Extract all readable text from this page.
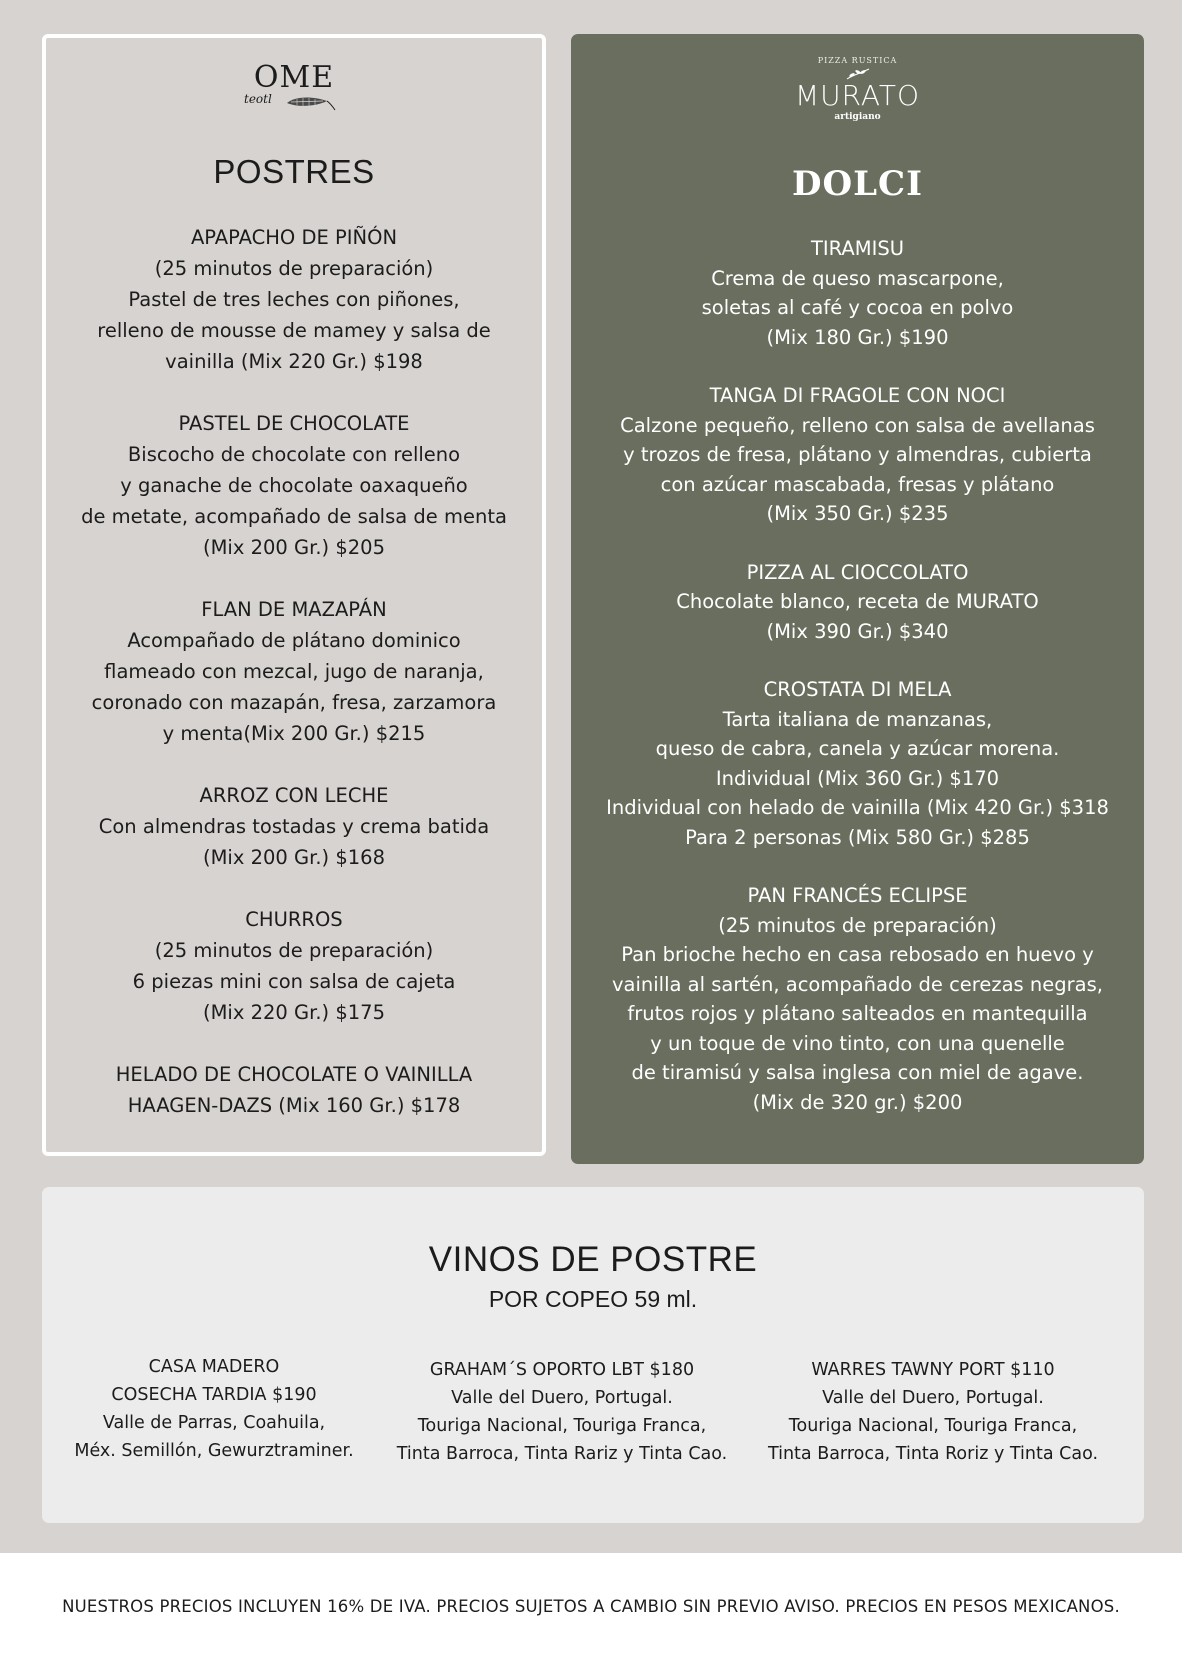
OME
teotl
POSTRES
APAPACHO DE PIÑÓN
(25 minutos de preparación)
Pastel de tres leches con piñones,
relleno de mousse de mamey y salsa de
vainilla (Mix 220 Gr.) $198
PASTEL DE CHOCOLATE
Biscocho de chocolate con relleno
y ganache de chocolate oaxaqueño
de metate, acompañado de salsa de menta
(Mix 200 Gr.) $205
FLAN DE MAZAPÁN
Acompañado de plátano dominico
flameado con mezcal, jugo de naranja,
coronado con mazapán, fresa, zarzamora
y menta(Mix 200 Gr.) $215
ARROZ CON LECHE
Con almendras tostadas y crema batida
(Mix 200 Gr.) $168
CHURROS
(25 minutos de preparación)
6 piezas mini con salsa de cajeta
(Mix 220 Gr.) $175
HELADO DE CHOCOLATE O VAINILLA
HAAGEN-DAZS (Mix 160 Gr.) $178
PIZZA RUSTICA
MURATO
artigiano
DOLCI
TIRAMISU
Crema de queso mascarpone,
soletas al café y cocoa en polvo
(Mix 180 Gr.) $190
TANGA DI FRAGOLE CON NOCI
Calzone pequeño, relleno con salsa de avellanas
y trozos de fresa, plátano y almendras, cubierta
con azúcar mascabada, fresas y plátano
(Mix 350 Gr.) $235
PIZZA AL CIOCCOLATO
Chocolate blanco, receta de MURATO
(Mix 390 Gr.) $340
CROSTATA DI MELA
Tarta italiana de manzanas,
queso de cabra, canela y azúcar morena.
Individual (Mix 360 Gr.) $170
Individual con helado de vainilla (Mix 420 Gr.) $318
Para 2 personas (Mix 580 Gr.) $285
PAN FRANCÉS ECLIPSE
(25 minutos de preparación)
Pan brioche hecho en casa rebosado en huevo y
vainilla al sartén, acompañado de cerezas negras,
frutos rojos y plátano salteados en mantequilla
y un toque de vino tinto, con una quenelle
de tiramisú y salsa inglesa con miel de agave.
(Mix de 320 gr.) $200
VINOS DE POSTRE
POR COPEO 59 ml.
CASA MADERO
COSECHA TARDIA $190
Valle de Parras, Coahuila,
Méx. Semillón, Gewurztraminer.
GRAHAM´S OPORTO LBT $180
Valle del Duero, Portugal.
Touriga Nacional, Touriga Franca,
Tinta Barroca, Tinta Rariz y Tinta Cao.
WARRES TAWNY PORT $110
Valle del Duero, Portugal.
Touriga Nacional, Touriga Franca,
Tinta Barroca, Tinta Roriz y Tinta Cao.
NUESTROS PRECIOS INCLUYEN 16% DE IVA. PRECIOS SUJETOS A CAMBIO SIN PREVIO AVISO. PRECIOS EN PESOS MEXICANOS.
